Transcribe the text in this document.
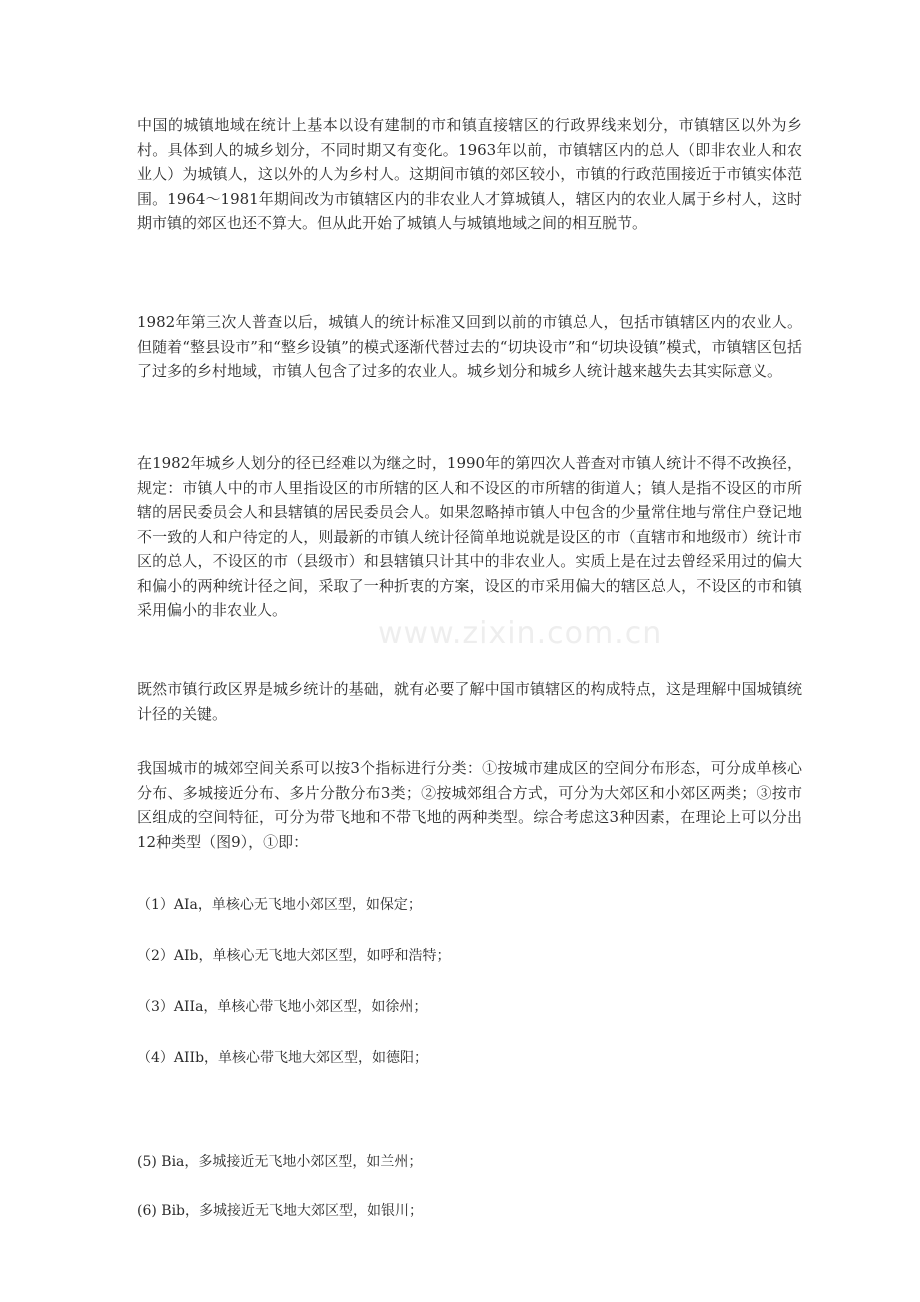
中国的城镇地域在统计上基本以设有建制的市和镇直接辖区的行政界线来划分，市镇辖区以外为乡村。具体到人的城乡划分，不同时期又有变化。1963年以前，市镇辖区内的总人（即非农业人和农业人）为城镇人，这以外的人为乡村人。这期间市镇的郊区较小，市镇的行政范围接近于市镇实体范围。1964～1981年期间改为市镇辖区内的非农业人才算城镇人，辖区内的农业人属于乡村人，这时期市镇的郊区也还不算大。但从此开始了城镇人与城镇地域之间的相互脱节。

1982年第三次人普查以后，城镇人的统计标准又回到以前的市镇总人，包括市镇辖区内的农业人。但随着“整县设市”和“整乡设镇”的模式逐渐代替过去的“切块设市”和“切块设镇”模式，市镇辖区包括了过多的乡村地域，市镇人包含了过多的农业人。城乡划分和城乡人统计越来越失去其实际意义。

在1982年城乡人划分的径已经难以为继之时，1990年的第四次人普查对市镇人统计不得不改换径，规定：市镇人中的市人里指设区的市所辖的区人和不设区的市所辖的街道人；镇人是指不设区的市所辖的居民委员会人和县辖镇的居民委员会人。如果忽略掉市镇人中包含的少量常住地与常住户登记地不一致的人和户待定的人，则最新的市镇人统计径简单地说就是设区的市（直辖市和地级市）统计市区的总人，不设区的市（县级市）和县辖镇只计其中的非农业人。实质上是在过去曾经采用过的偏大和偏小的两种统计径之间，采取了一种折衷的方案，设区的市采用偏大的辖区总人，不设区的市和镇采用偏小的非农业人。

既然市镇行政区界是城乡统计的基础，就有必要了解中国市镇辖区的构成特点，这是理解中国城镇统计径的关键。

我国城市的城郊空间关系可以按3个指标进行分类：①按城市建成区的空间分布形态，可分成单核心分布、多城接近分布、多片分散分布3类；②按城郊组合方式，可分为大郊区和小郊区两类；③按市区组成的空间特征，可分为带飞地和不带飞地的两种类型。综合考虑这3种因素，在理论上可以分出12种类型（图9），①即：

（1）AIa，单核心无飞地小郊区型，如保定；

（2）AIb，单核心无飞地大郊区型，如呼和浩特；

（3）AIIa，单核心带飞地小郊区型，如徐州；

（4）AIIb，单核心带飞地大郊区型，如德阳；

(5) Bia，多城接近无飞地小郊区型，如兰州；

(6) Bib，多城接近无飞地大郊区型，如银川；

www.zixin.com.cn
